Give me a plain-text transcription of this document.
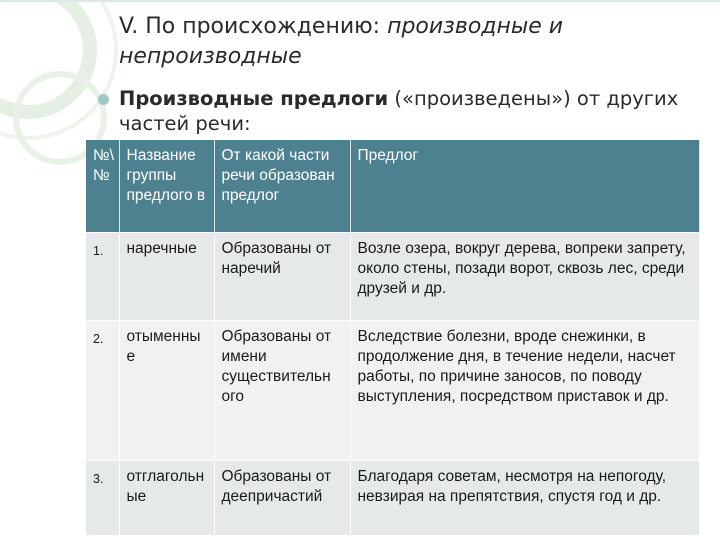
V. По происхождению: производные и непроизводные
Производные предлоги («произведены») от других частей речи:
№\ №	Название группы предлого в	От какой части речи образован предлог	Предлог
1.	наречные	Образованы от наречий	Возле озера, вокруг дерева, вопреки запрету, около стены, позади ворот, сквозь лес, среди друзей и др.
2.	отыменны е	Образованы от имени существительн ого	Вследствие болезни, вроде снежинки, в продолжение дня, в течение недели, насчет работы, по причине заносов, по поводу выступления, посредством приставок и др.
3.	отглагольн ые	Образованы от деепричастий	Благодаря советам, несмотря на непогоду, невзирая на препятствия, спустя год и др.
